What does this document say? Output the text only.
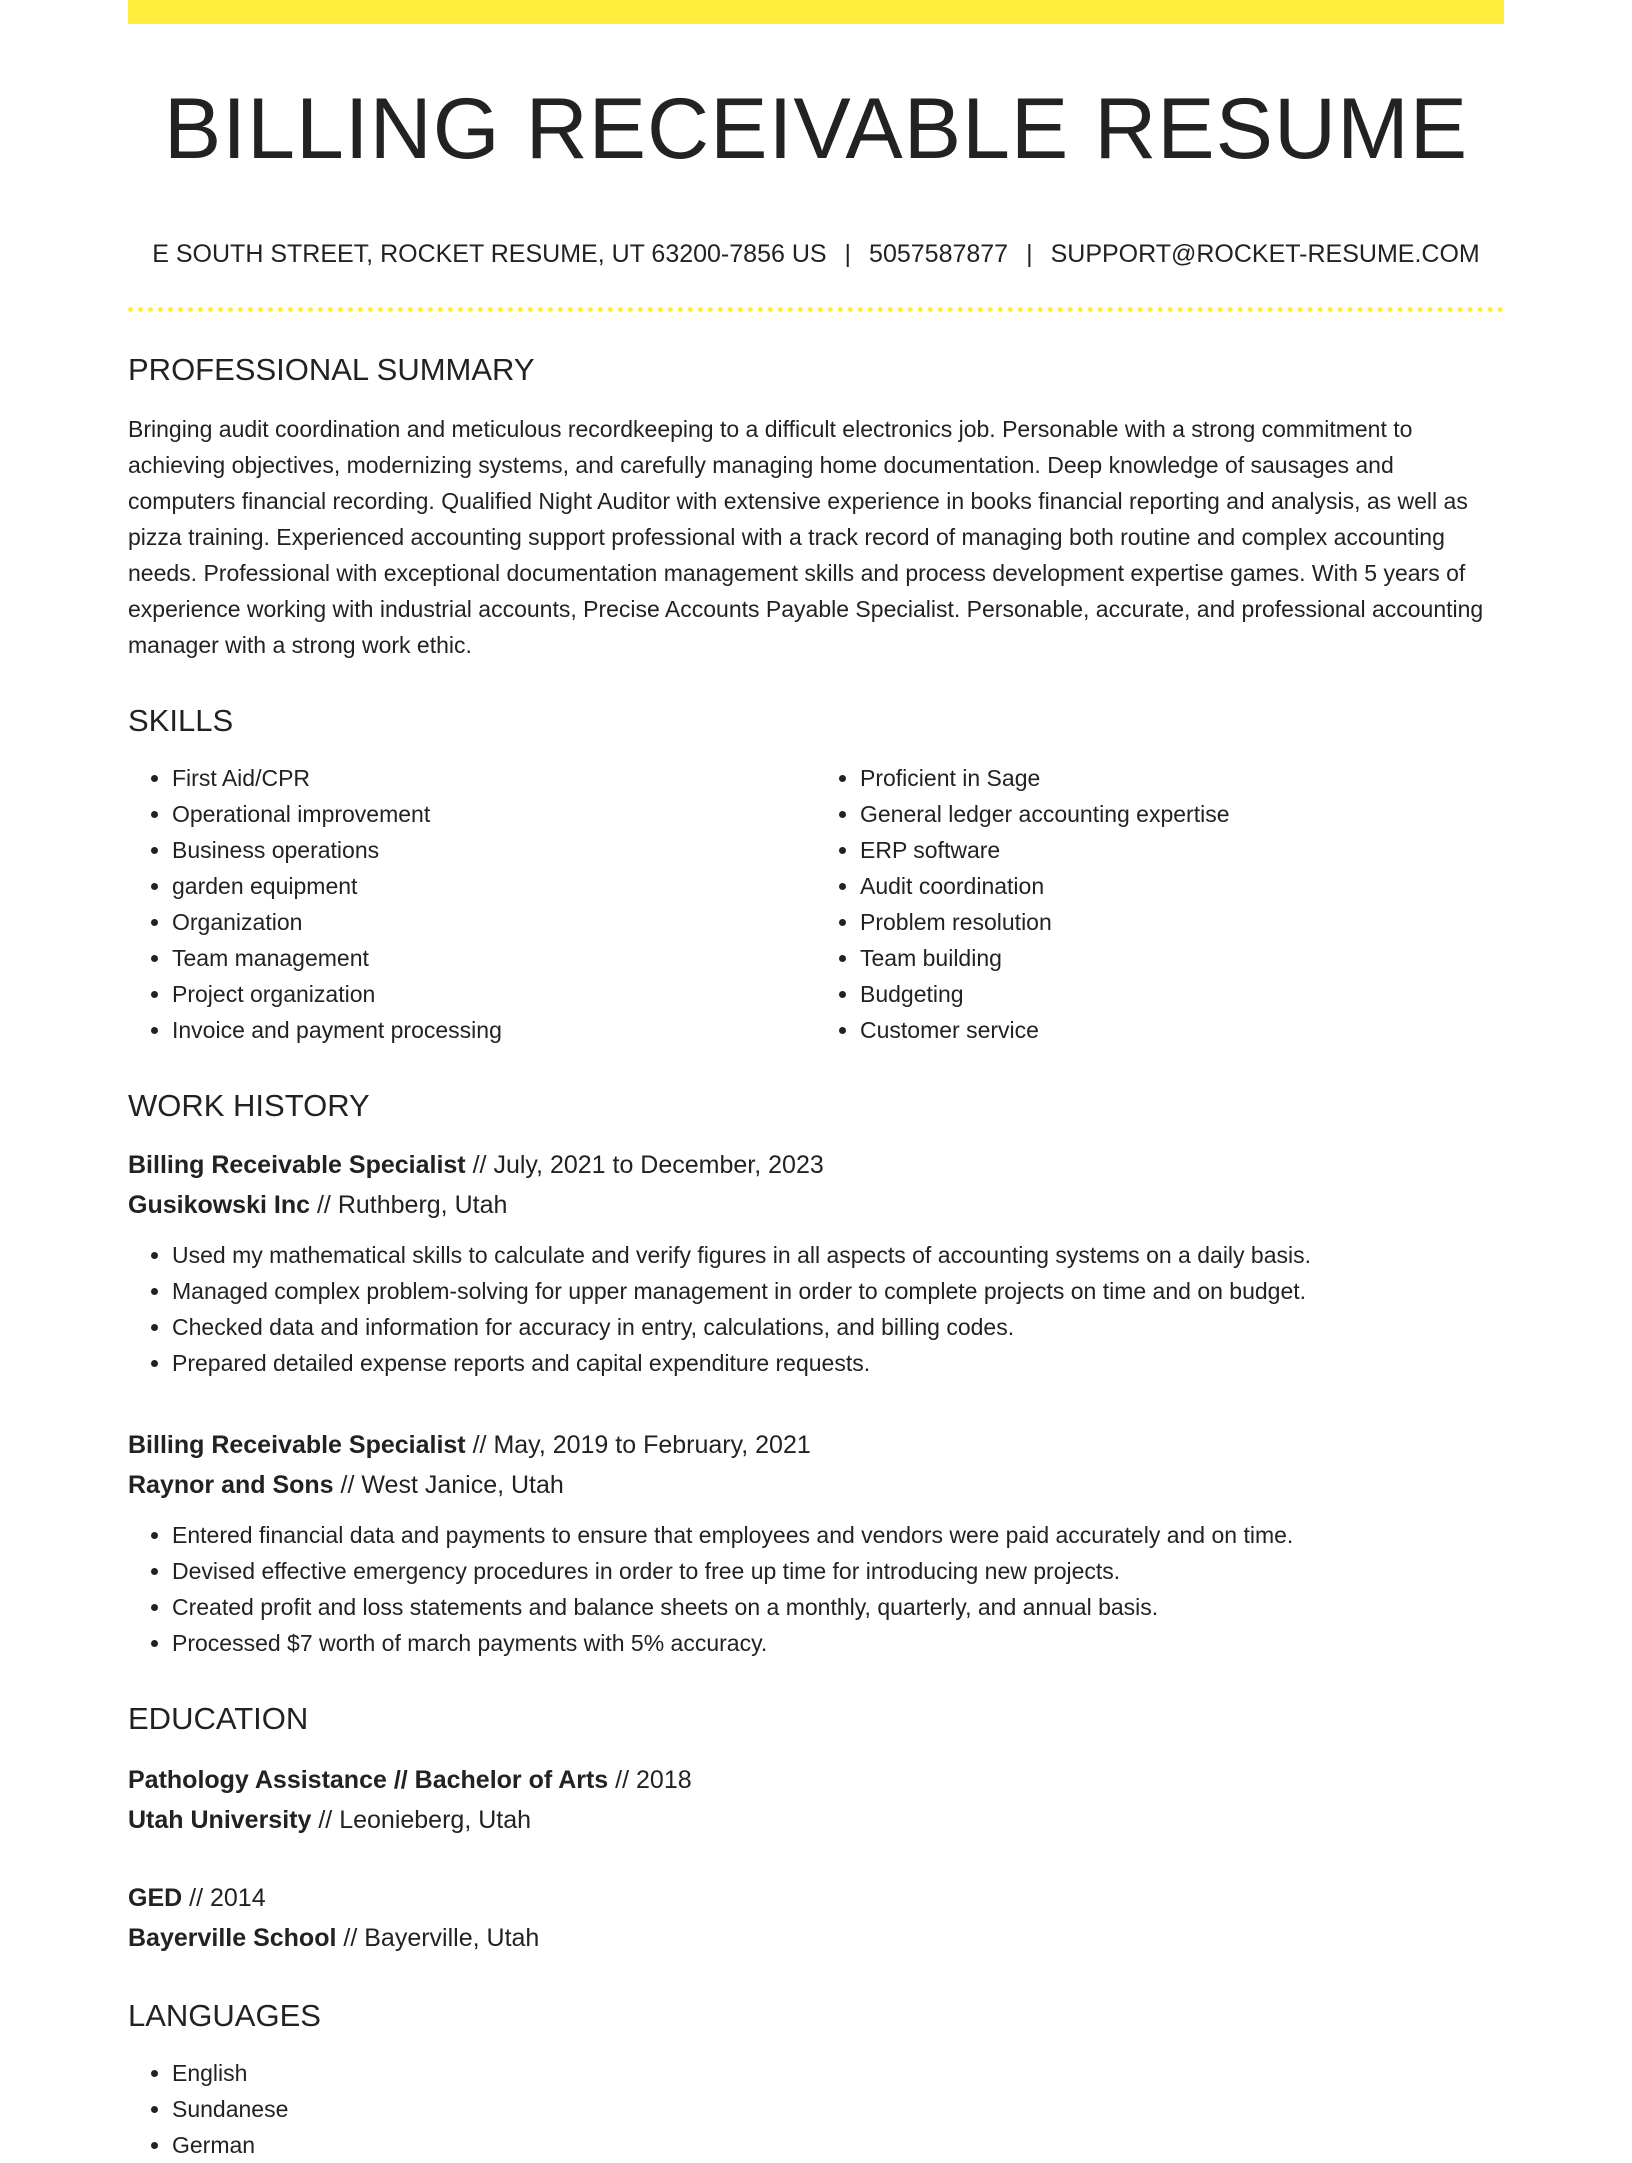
BILLING RECEIVABLE RESUME
E SOUTH STREET, ROCKET RESUME, UT 63200-7856 US | 5057587877 | SUPPORT@ROCKET-RESUME.COM
PROFESSIONAL SUMMARY

Bringing audit coordination and meticulous recordkeeping to a difficult electronics job. Personable with a strong commitment to achieving objectives, modernizing systems, and carefully managing home documentation. Deep knowledge of sausages and computers financial recording. Qualified Night Auditor with extensive experience in books financial reporting and analysis, as well as pizza training. Experienced accounting support professional with a track record of managing both routine and complex accounting needs. Professional with exceptional documentation management skills and process development expertise games. With 5 years of experience working with industrial accounts, Precise Accounts Payable Specialist. Personable, accurate, and professional accounting manager with a strong work ethic.

SKILLS
• First Aid/CPR
• Operational improvement
• Business operations
• garden equipment
• Organization
• Team management
• Project organization
• Invoice and payment processing
• Proficient in Sage
• General ledger accounting expertise
• ERP software
• Audit coordination
• Problem resolution
• Team building
• Budgeting
• Customer service
WORK HISTORY
Billing Receivable Specialist // July, 2021 to December, 2023
Gusikowski Inc // Ruthberg, Utah
• Used my mathematical skills to calculate and verify figures in all aspects of accounting systems on a daily basis.
• Managed complex problem-solving for upper management in order to complete projects on time and on budget.
• Checked data and information for accuracy in entry, calculations, and billing codes.
• Prepared detailed expense reports and capital expenditure requests.
Billing Receivable Specialist // May, 2019 to February, 2021
Raynor and Sons // West Janice, Utah
• Entered financial data and payments to ensure that employees and vendors were paid accurately and on time.
• Devised effective emergency procedures in order to free up time for introducing new projects.
• Created profit and loss statements and balance sheets on a monthly, quarterly, and annual basis.
• Processed $7 worth of march payments with 5% accuracy.
EDUCATION
Pathology Assistance // Bachelor of Arts // 2018
Utah University // Leonieberg, Utah
GED // 2014
Bayerville School // Bayerville, Utah
LANGUAGES
• English
• Sundanese
• German
